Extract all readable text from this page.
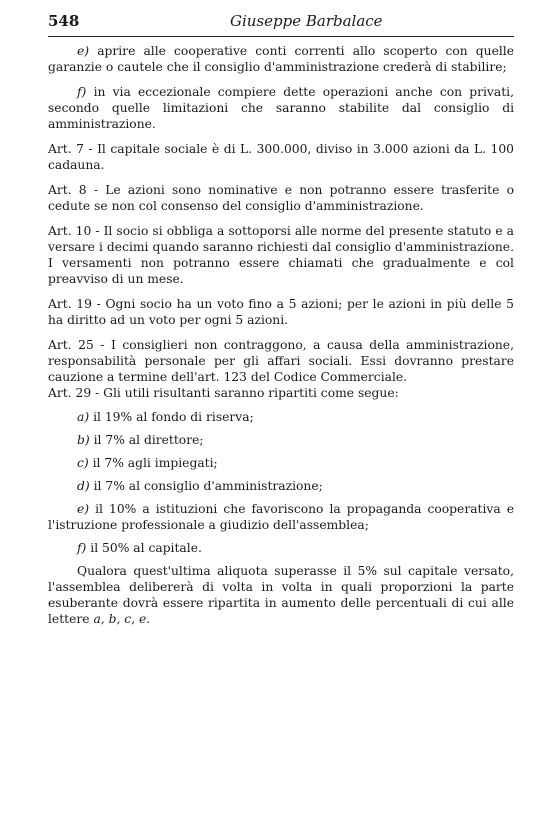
548	Giuseppe Barbalace

e) aprire alle cooperative conti correnti allo scoperto con quelle garanzie o cautele che il consiglio d'amministrazione crederà di stabilire;

f) in via eccezionale compiere dette operazioni anche con privati, secondo quelle limitazioni che saranno stabilite dal consiglio di amministrazione.

Art. 7 - Il capitale sociale è di L. 300.000, diviso in 3.000 azioni da L. 100 cadauna.

Art. 8 - Le azioni sono nominative e non potranno essere trasferite o cedute se non col consenso del consiglio d'amministrazione.

Art. 10 - Il socio si obbliga a sottoporsi alle norme del presente statuto e a versare i decimi quando saranno richiesti dal consiglio d'amministrazione. I versamenti non potranno essere chiamati che gradualmente e col preavviso di un mese.

Art. 19 - Ogni socio ha un voto fino a 5 azioni; per le azioni in più delle 5 ha diritto ad un voto per ogni 5 azioni.

Art. 25 - I consiglieri non contraggono, a causa della amministrazione, responsabilità personale per gli affari sociali. Essi dovranno prestare cauzione a termine dell'art. 123 del Codice Commerciale.

Art. 29 - Gli utili risultanti saranno ripartiti come segue:

a) il 19% al fondo di riserva;
b) il 7% al direttore;
c) il 7% agli impiegati;
d) il 7% al consiglio d'amministrazione;
e) il 10% a istituzioni che favoriscono la propaganda cooperativa e l'istruzione professionale a giudizio dell'assemblea;
f) il 50% al capitale.

Qualora quest'ultima aliquota superasse il 5% sul capitale versato, l'assemblea delibererà di volta in volta in quali proporzioni la parte esuberante dovrà essere ripartita in aumento delle percentuali di cui alle lettere a, b, c, e.
